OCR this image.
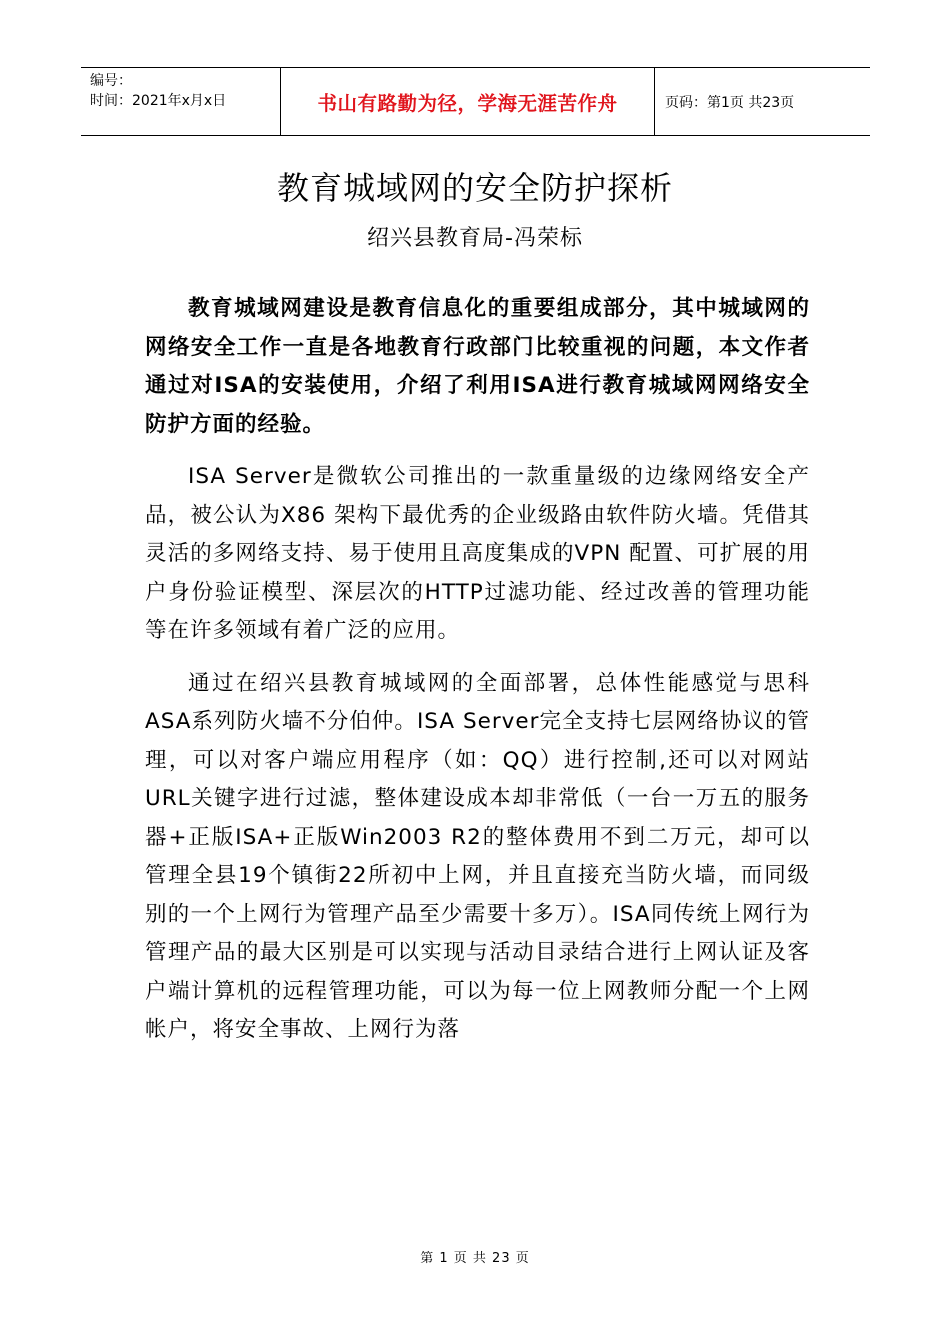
编号：
时间：2021年x月x日	书山有路勤为径，学海无涯苦作舟	页码：第1页 共23页
教育城域网的安全防护探析
绍兴县教育局-冯荣标

教育城域网建设是教育信息化的重要组成部分，其中城域网的网络安全工作一直是各地教育行政部门比较重视的问题，本文作者通过对ISA的安装使用，介绍了利用ISA进行教育城域网网络安全防护方面的经验。

ISA Server是微软公司推出的一款重量级的边缘网络安全产品，被公认为X86 架构下最优秀的企业级路由软件防火墙。凭借其灵活的多网络支持、易于使用且高度集成的VPN 配置、可扩展的用户身份验证模型、深层次的HTTP过滤功能、经过改善的管理功能等在许多领域有着广泛的应用。

通过在绍兴县教育城域网的全面部署，总体性能感觉与思科ASA系列防火墙不分伯仲。ISA Server完全支持七层网络协议的管理，可以对客户端应用程序（如：QQ）进行控制,还可以对网站URL关键字进行过滤，整体建设成本却非常低（一台一万五的服务器+正版ISA+正版Win2003 R2的整体费用不到二万元，却可以管理全县19个镇街22所初中上网，并且直接充当防火墙，而同级别的一个上网行为管理产品至少需要十多万）。ISA同传统上网行为管理产品的最大区别是可以实现与活动目录结合进行上网认证及客户端计算机的远程管理功能，可以为每一位上网教师分配一个上网帐户，将安全事故、上网行为落

第 1 页 共 23 页
